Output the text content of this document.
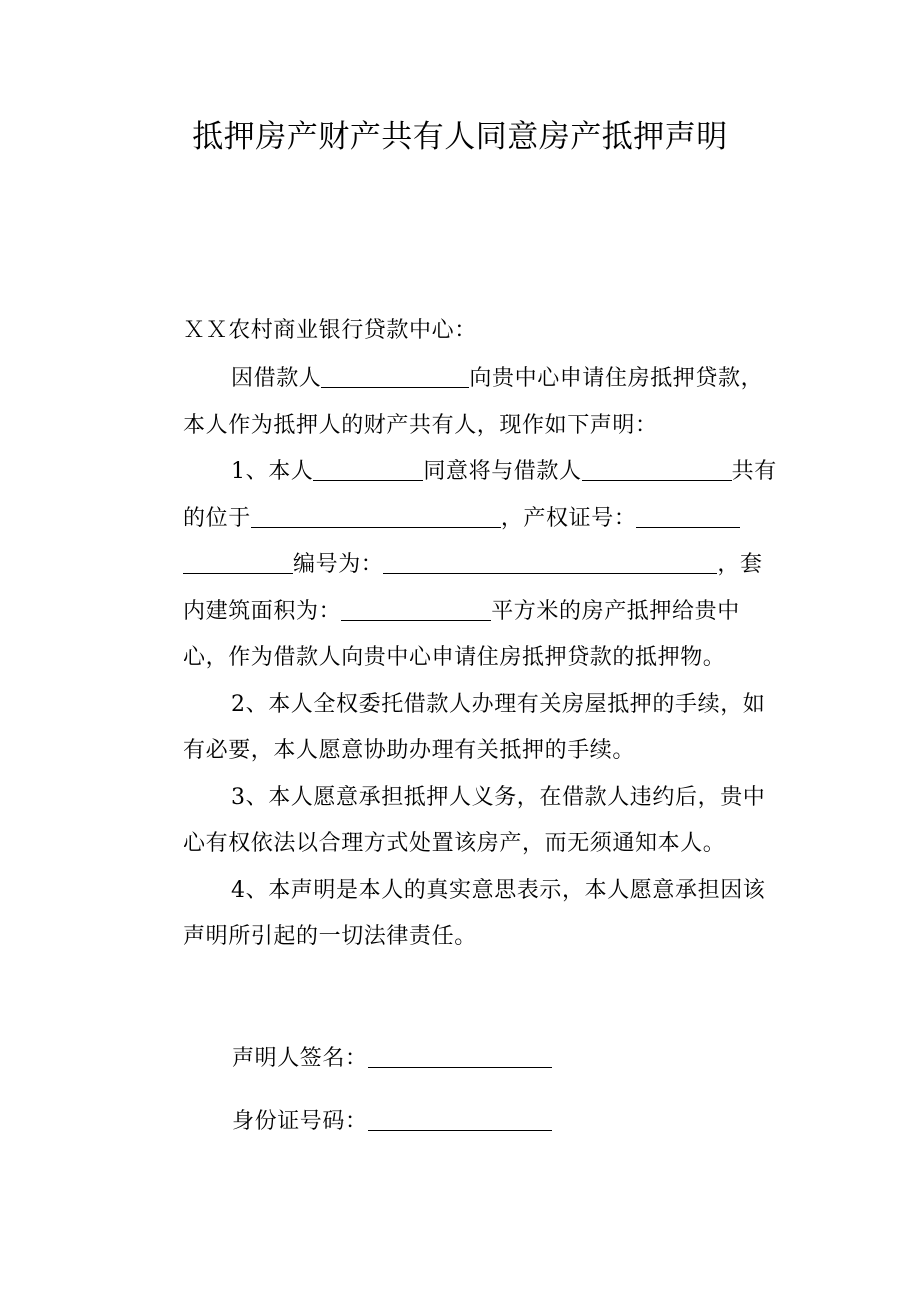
抵押房产财产共有人同意房产抵押声明

ＸＸ农村商业银行贷款中心：

因借款人	向贵中心申请住房抵押贷款，本人作为抵押人的财产共有人，现作如下声明：

1、本人	同意将与借款人	共有的位于	，产权证号：编号为：	，套内建筑面积为：	平方米的房产抵押给贵中心，作为借款人向贵中心申请住房抵押贷款的抵押物。

2、本人全权委托借款人办理有关房屋抵押的手续，如有必要，本人愿意协助办理有关抵押的手续。

3、本人愿意承担抵押人义务，在借款人违约后，贵中心有权依法以合理方式处置该房产，而无须通知本人。

4、本声明是本人的真实意思表示，本人愿意承担因该声明所引起的一切法律责任。

声明人签名：

身份证号码：
